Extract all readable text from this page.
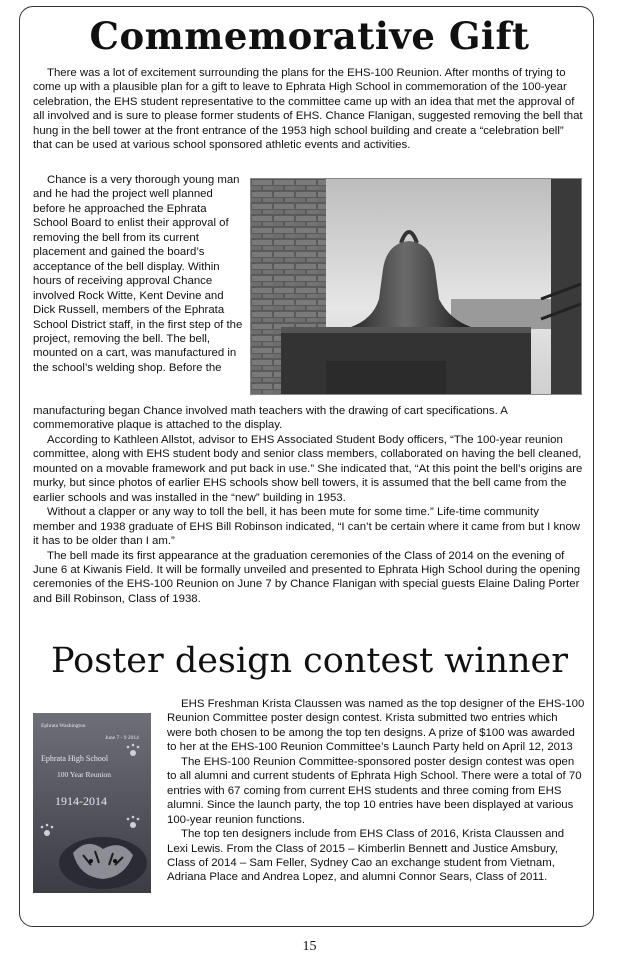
Commemorative Gift

There was a lot of excitement surrounding the plans for the EHS-100 Reunion. After months of trying to come up with a plausible plan for a gift to leave to Ephrata High School in commemoration of the 100-year celebration, the EHS student representative to the committee came up with an idea that met the approval of all involved and is sure to please former students of EHS. Chance Flanigan, suggested removing the bell that hung in the bell tower at the front entrance of the 1953 high school building and create a “celebration bell” that can be used at various school sponsored athletic events and activities.

Chance is a very thorough young man and he had the project well planned before he approached the Ephrata School Board to enlist their approval of removing the bell from its current placement and gained the board’s acceptance of the bell display. Within hours of receiving approval Chance involved Rock Witte, Kent Devine and Dick Russell, members of the Ephrata School District staff, in the first step of the project, removing the bell. The bell, mounted on a cart, was manufactured in the school’s welding shop. Before the

manufacturing began Chance involved math teachers with the drawing of cart specifications. A commemorative plaque is attached to the display.

According to Kathleen Allstot, advisor to EHS Associated Student Body officers, “The 100-year reunion committee, along with EHS student body and senior class members, collaborated on having the bell cleaned, mounted on a movable framework and put back in use.” She indicated that, “At this point the bell’s origins are murky, but since photos of earlier EHS schools show bell towers, it is assumed that the bell came from the earlier schools and was installed in the “new” building in 1953.

Without a clapper or any way to toll the bell, it has been mute for some time.” Life-time community member and 1938 graduate of EHS Bill Robinson indicated, “I can’t be certain where it came from but I know it has to be older than I am.”

The bell made its first appearance at the graduation ceremonies of the Class of 2014 on the evening of June 6 at Kiwanis Field. It will be formally unveiled and presented to Ephrata High School during the opening ceremonies of the EHS-100 Reunion on June 7 by Chance Flanigan with special guests Elaine Daling Porter and Bill Robinson, Class of 1938.

Poster design contest winner
Ephrata Washington
June 7 - 9 2014
Ephrata High School
100 Year Reunion
1914-2014

EHS Freshman Krista Claussen was named as the top designer of the EHS-100 Reunion Committee poster design contest. Krista submitted two entries which were both chosen to be among the top ten designs. A prize of $100 was awarded to her at the EHS-100 Reunion Committee’s Launch Party held on April 12, 2013

The EHS-100 Reunion Committee-sponsored poster design contest was open to all alumni and current students of Ephrata High School. There were a total of 70 entries with 67 coming from current EHS students and three coming from EHS alumni. Since the launch party, the top 10 entries have been displayed at various 100-year reunion functions.

The top ten designers include from EHS Class of 2016, Krista Claussen and Lexi Lewis. From the Class of 2015 – Kimberlin Bennett and Justice Amsbury, Class of 2014 – Sam Feller, Sydney Cao an exchange student from Vietnam, Adriana Place and Andrea Lopez, and alumni Connor Sears, Class of 2011.

15
